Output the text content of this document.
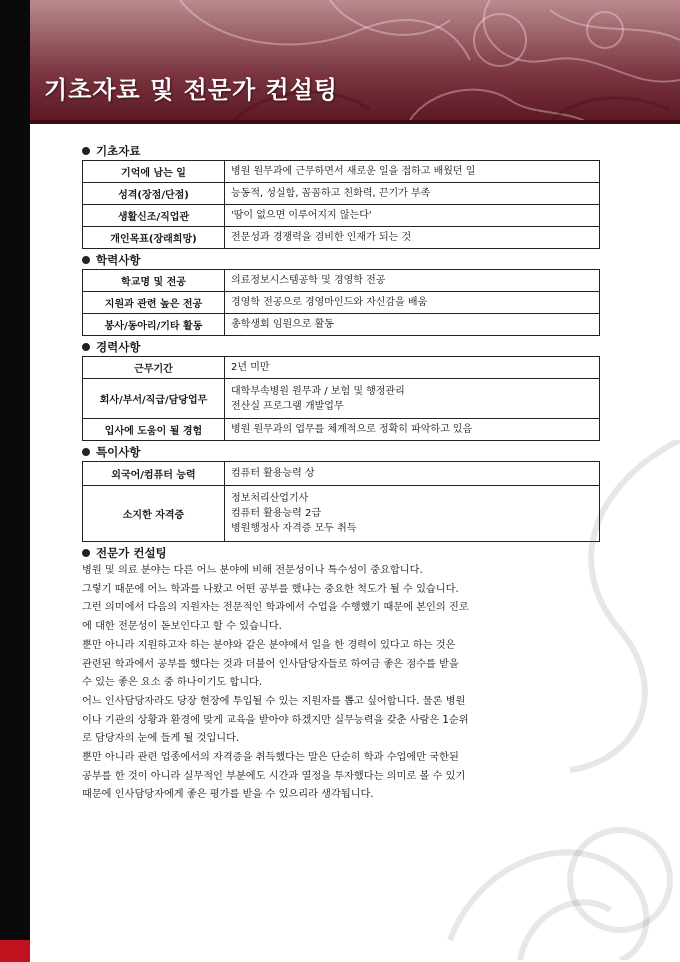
기초자료 및 전문가 컨설팅
기초자료
기억에 남는 일	병원 원무과에 근무하면서 새로운 일을 접하고 배웠던 일

성격(장점/단점)	능동적, 성실함, 꼼꼼하고 친화력, 끈기가 부족

생활신조/직업관	'땀이 없으면 이루어지지 않는다'

개인목표(장래희망)	전문성과 경쟁력을 겸비한 인재가 되는 것
학력사항
학교명 및 전공	의료정보시스템공학 및 경영학 전공

지원과 관련 높은 전공	경영학 전공으로 경영마인드와 자신감을 배움

봉사/동아리/기타 활동	총학생회 임원으로 활동
경력사항
근무기간	2년 미만

회사/부서/직급/담당업무	대학부속병원 원무과 / 보험 및 행정관리
전산실 프로그램 개발업무

입사에 도움이 될 경험	병원 원무과의 업무를 체계적으로 정확히 파악하고 있음
특이사항
외국어/컴퓨터 능력	컴퓨터 활용능력 상

소지한 자격증	정보처리산업기사
컴퓨터 활용능력 2급
병원행정사 자격증 모두 취득
전문가 컨설팅
병원 및 의료 분야는 다른 어느 분야에 비해 전문성이나 특수성이 중요합니다.
그렇기 때문에 어느 학과를 나왔고 어떤 공부를 했냐는 중요한 척도가 될 수 있습니다.
그런 의미에서 다음의 지원자는 전문적인 학과에서 수업을 수행했기 때문에 본인의 진로
에 대한 전문성이 돋보인다고 할 수 있습니다.
뿐만 아니라 지원하고자 하는 분야와 같은 분야에서 일을 한 경력이 있다고 하는 것은
관련된 학과에서 공부를 했다는 것과 더불어 인사담당자들로 하여금 좋은 점수를 받을
수 있는 좋은 요소 중 하나이기도 합니다.
어느 인사담당자라도 당장 현장에 투입될 수 있는 지원자를 뽑고 싶어합니다. 물론 병원
이나 기관의 상황과 환경에 맞게 교육을 받아야 하겠지만 실무능력을 갖춘 사람은 1순위
로 담당자의 눈에 들게 될 것입니다.
뿐만 아니라 관련 업종에서의 자격증을 취득했다는 말은 단순히 학과 수업에만 국한된
공부를 한 것이 아니라 실무적인 부분에도 시간과 열정을 투자했다는 의미로 볼 수 있기
때문에 인사담당자에게 좋은 평가를 받을 수 있으리라 생각됩니다.
